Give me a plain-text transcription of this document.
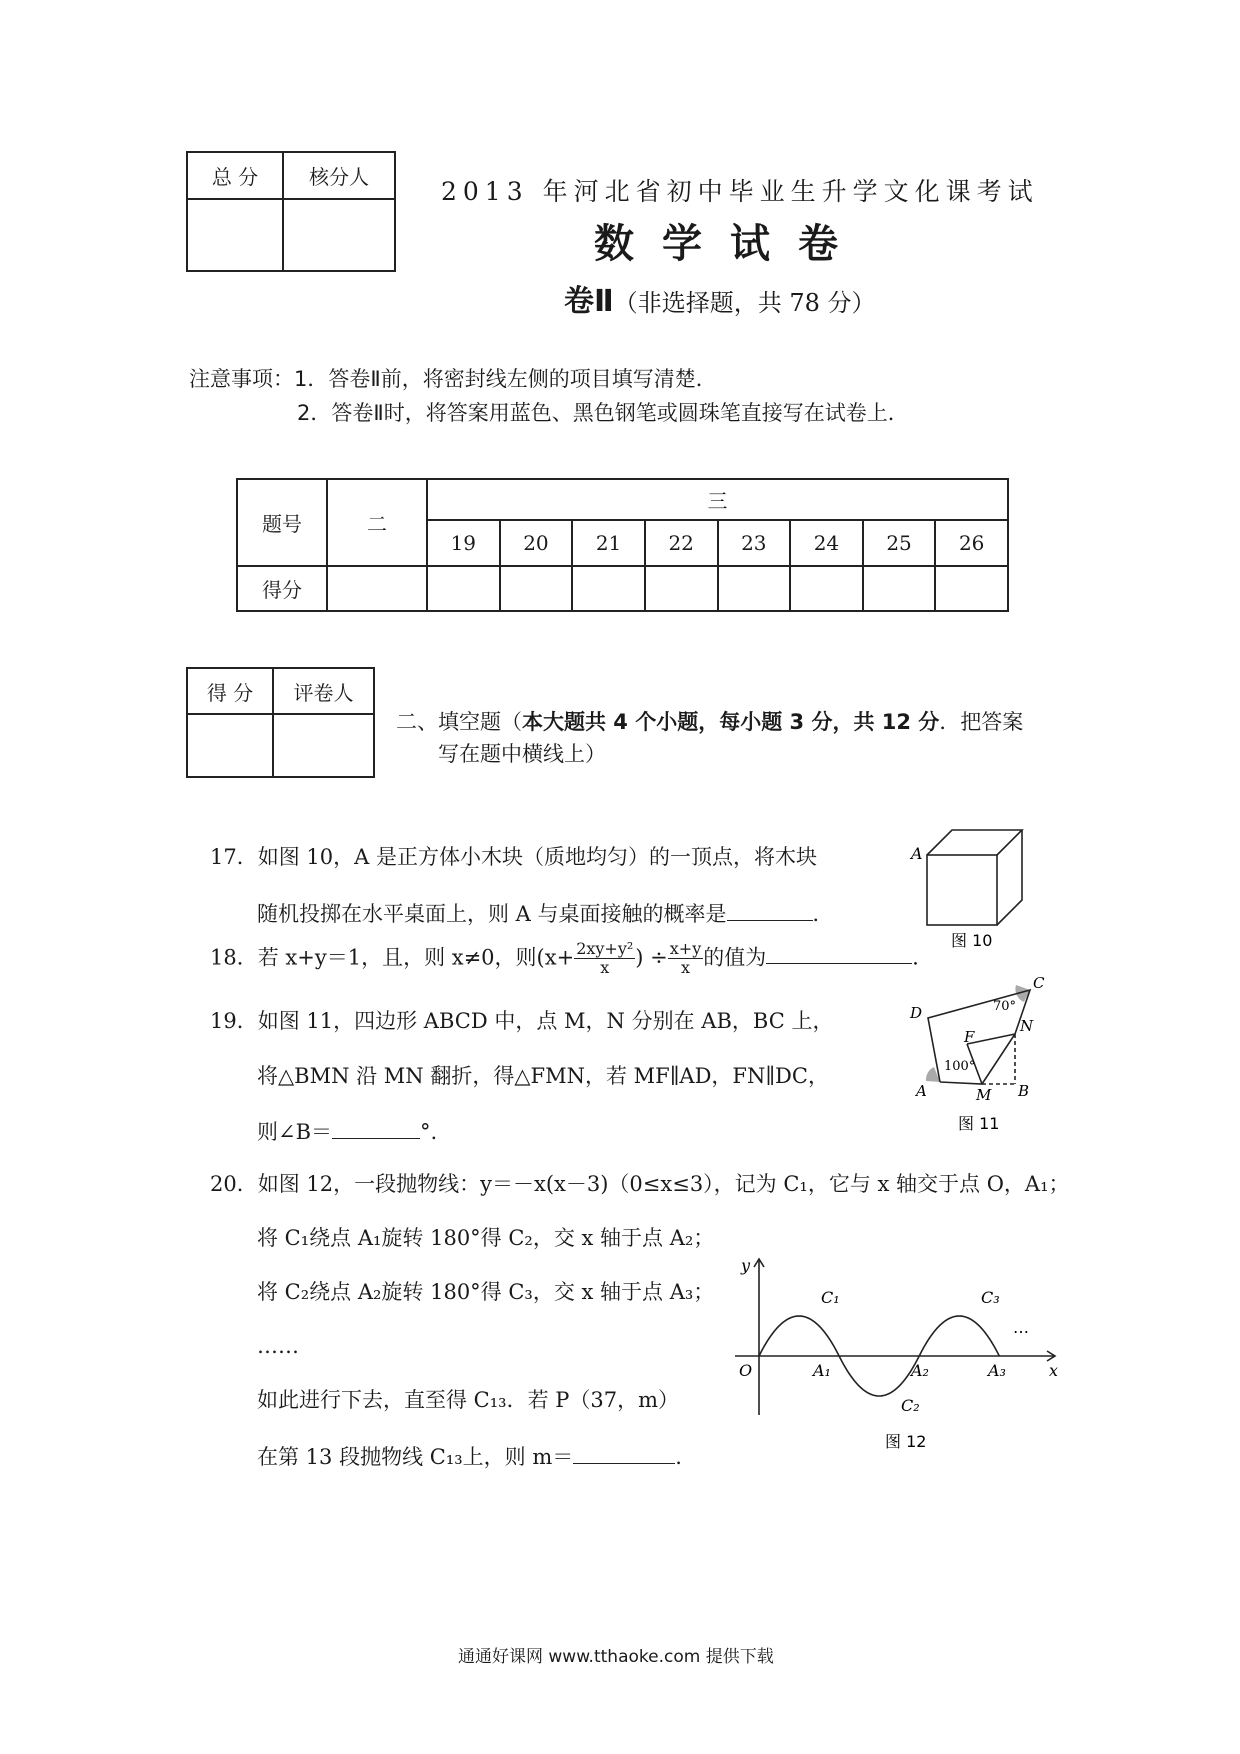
总 分	核分人
		2013 年河北省初中毕业生升学文化课考试
数学试卷
卷Ⅱ（非选择题，共 78 分）
注意事项：1．答卷Ⅱ前，将密封线左侧的项目填写清楚．
2．答卷Ⅱ时，将答案用蓝色、黑色钢笔或圆珠笔直接写在试卷上．
题号	二	三							
		19	20	21	22	23	24	25	26
得分									
得 分	评卷人

二、填空题（本大题共 4 个小题，每小题 3 分，共 12 分．把答案
写在题中横线上）
17．如图 10，A 是正方体小木块（质地均匀）的一顶点，将木块
随机投掷在水平桌面上，则 A 与桌面接触的概率是	．
18．若 x+y＝1，且，则 x≠0，则($x+ \frac{\text{2xy+y²}}{x}$ ) ÷ $\frac{x+y}{x}$ 的值为	．
19．如图 11，四边形 ABCD 中，点 M，N 分别在 AB，BC 上，
将△BMN 沿 MN 翻折，得△FMN，若 MF∥AD，FN∥DC，
则∠B＝	°.
20．如图 12，一段抛物线：y＝－x(x－3)（0≤x≤3），记为 C₁，它与 x 轴交于点 O，A₁；
将 C₁绕点 A₁旋转 180°得 C₂，交 x 轴于点 A₂；
将 C₂绕点 A₂旋转 180°得 C₃，交 x 轴于点 A₃；
……
如此进行下去，直至得 C₁₃．若 P（37，m）
在第 13 段抛物线 C₁₃上，则 m＝	.
A
图 10
A	B
C
D
M
N
F
70°
100°
图 11
y
x
O	A₁	A₂	A₃
C₁
C₂
C₃
…
图 12
通通好课网 www.tthaoke.com 提供下载
